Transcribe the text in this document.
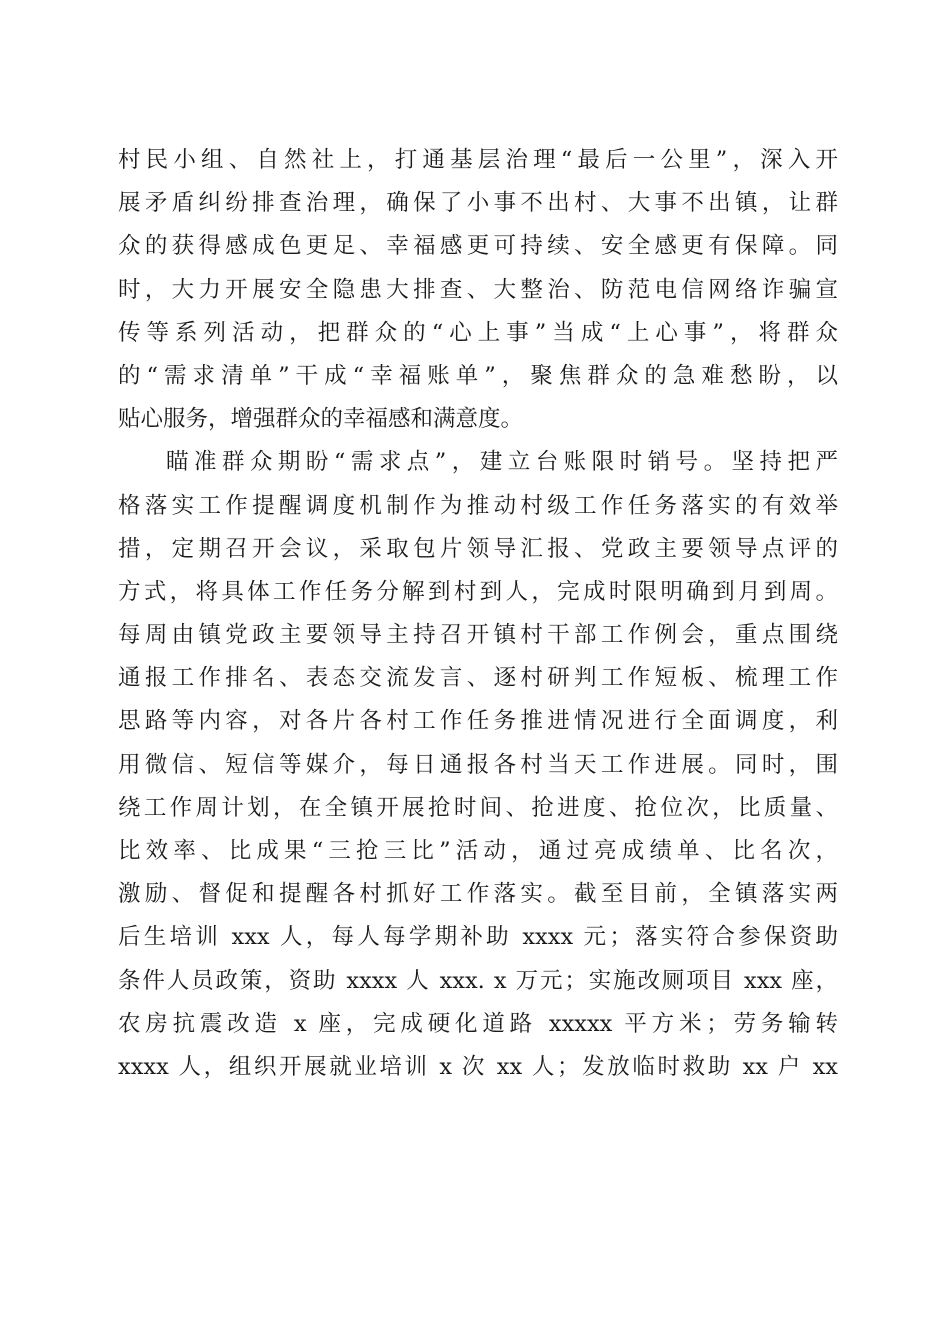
村民小组、自然社上，打通基层治理“最后一公里”，深入开
展矛盾纠纷排查治理，确保了小事不出村、大事不出镇，让群
众的获得感成色更足、幸福感更可持续、安全感更有保障。同
时，大力开展安全隐患大排查、大整治、防范电信网络诈骗宣
传等系列活动，把群众的“心上事”当成“上心事”，将群众
的“需求清单”干成“幸福账单”，聚焦群众的急难愁盼，以
贴心服务，增强群众的幸福感和满意度。
瞄准群众期盼“需求点”，建立台账限时销号。坚持把严
格落实工作提醒调度机制作为推动村级工作任务落实的有效举
措，定期召开会议，采取包片领导汇报、党政主要领导点评的
方式，将具体工作任务分解到村到人，完成时限明确到月到周。
每周由镇党政主要领导主持召开镇村干部工作例会，重点围绕
通报工作排名、表态交流发言、逐村研判工作短板、梳理工作
思路等内容，对各片各村工作任务推进情况进行全面调度，利
用微信、短信等媒介，每日通报各村当天工作进展。同时，围
绕工作周计划，在全镇开展抢时间、抢进度、抢位次，比质量、
比效率、比成果“三抢三比”活动，通过亮成绩单、比名次，
激励、督促和提醒各村抓好工作落实。截至目前，全镇落实两
后生培训 xxx 人，每人每学期补助 xxxx 元；落实符合参保资助
条件人员政策，资助 xxxx 人 xxx. x 万元；实施改厕项目 xxx 座，
农房抗震改造 x 座，完成硬化道路 xxxxx 平方米；劳务输转
xxxx 人，组织开展就业培训 x 次 xx 人；发放临时救助 xx 户 xx
